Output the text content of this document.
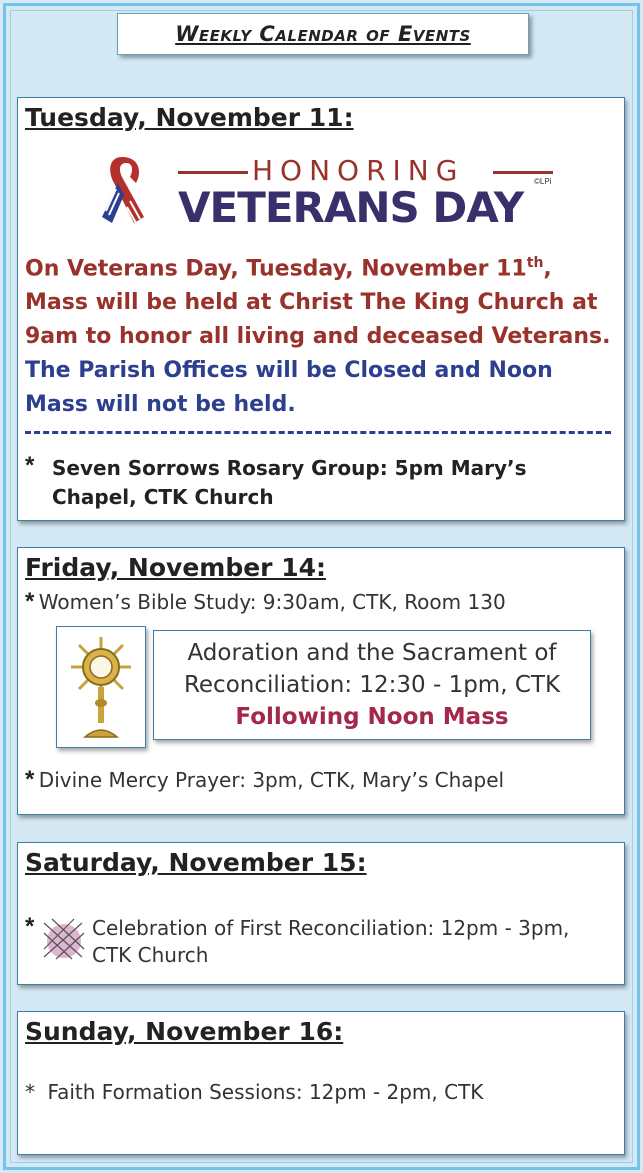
Weekly Calendar of Events
Tuesday, November 11:
HONORING	©LPi
VETERANS DAY
On Veterans Day, Tuesday, November 11th, Mass will be held at Christ The King Church at 9am to honor all living and deceased Veterans.
The Parish Offices will be Closed and Noon Mass will not be held.
* Seven Sorrows Rosary Group: 5pm Mary’s Chapel, CTK Church
Friday, November 14:
* Women’s Bible Study: 9:30am, CTK, Room 130
Adoration and the Sacrament of
Reconciliation: 12:30 - 1pm, CTK
Following Noon Mass
* Divine Mercy Prayer: 3pm, CTK, Mary’s Chapel
Saturday, November 15:
*	Celebration of First Reconciliation: 12pm - 3pm,
CTK Church
Sunday, November 16:
* Faith Formation Sessions: 12pm - 2pm, CTK
